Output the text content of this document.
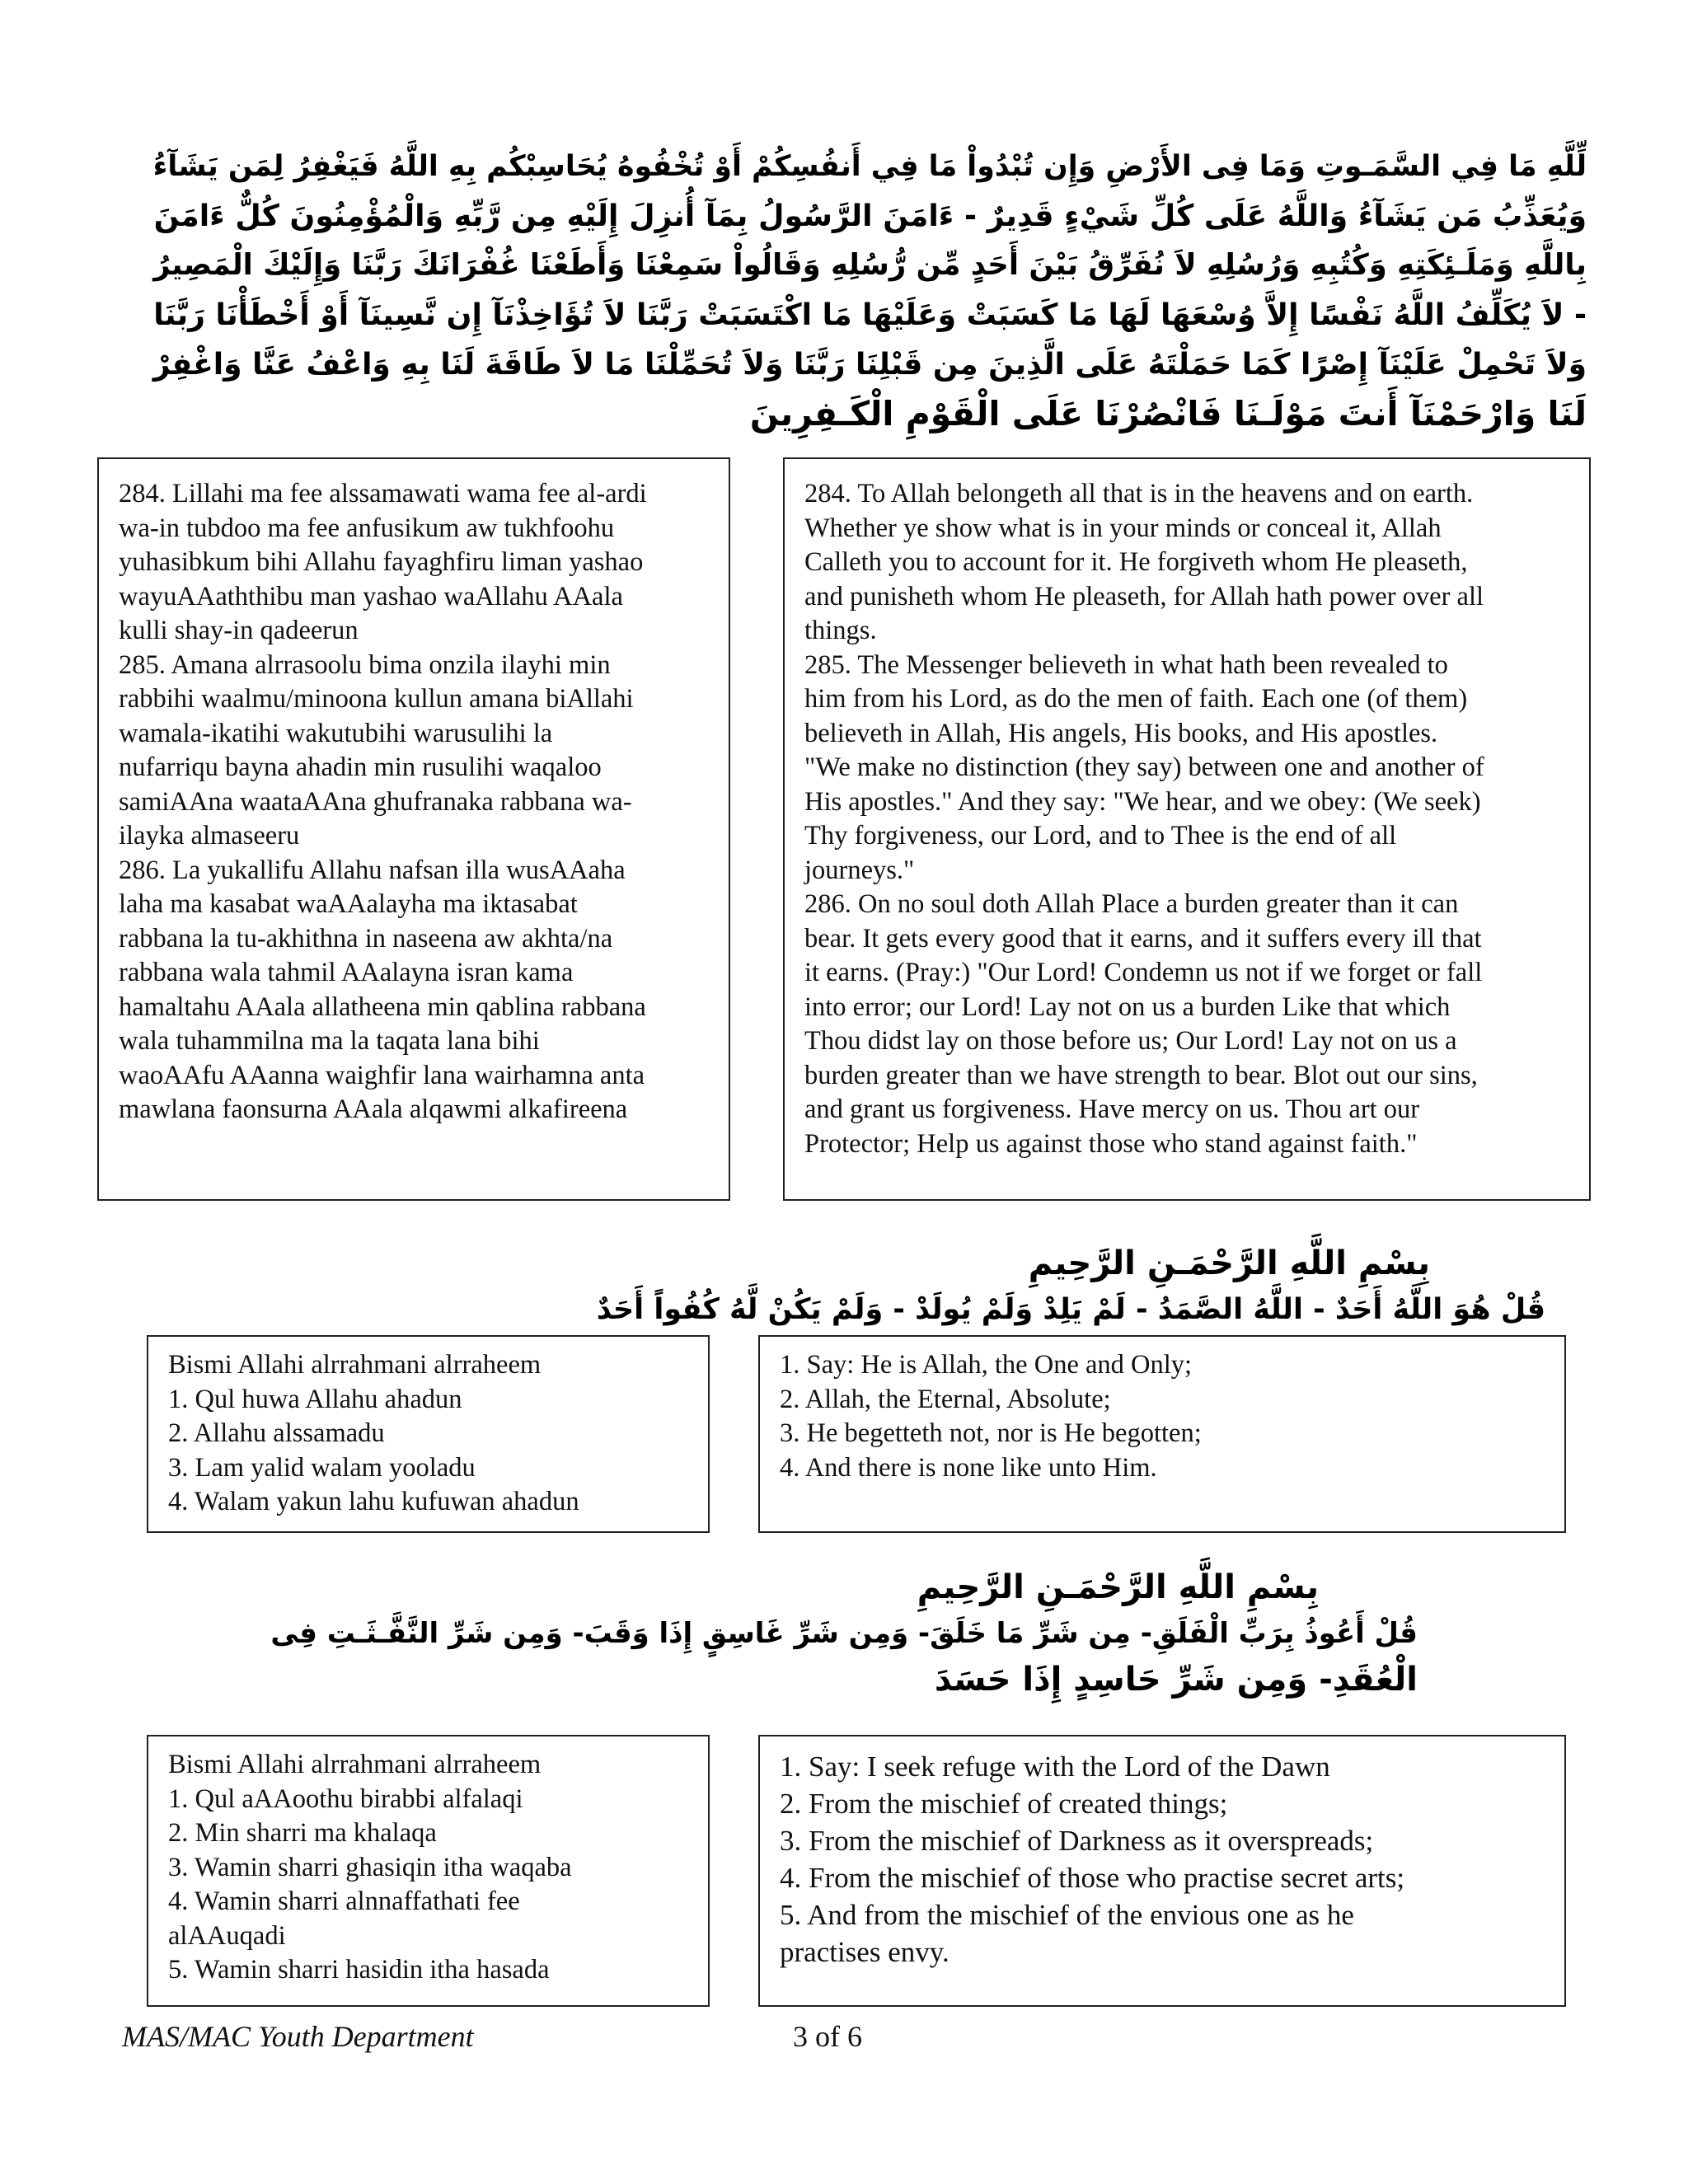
لِّلَّهِ مَا فِي السَّمَـوتِ وَمَا فِى الأَرْضِ وَإِن تُبْدُواْ مَا فِي أَنفُسِكُمْ أَوْ تُخْفُوهُ يُحَاسِبْكُم بِهِ اللَّهُ فَيَغْفِرُ لِمَن يَشَآءُ

وَيُعَذِّبُ مَن يَشَآءُ وَاللَّهُ عَلَى كُلِّ شَيْءٍ قَدِيرٌ - ءَامَنَ الرَّسُولُ بِمَآ أُنزِلَ إِلَيْهِ مِن رَّبِّهِ وَالْمُؤْمِنُونَ كُلٌّ ءَامَنَ

بِاللَّهِ وَمَلَـئِكَتِهِ وَكُتُبِهِ وَرُسُلِهِ لاَ نُفَرِّقُ بَيْنَ أَحَدٍ مِّن رُّسُلِهِ وَقَالُواْ سَمِعْنَا وَأَطَعْنَا غُفْرَانَكَ رَبَّنَا وَإِلَيْكَ الْمَصِيرُ

- لاَ يُكَلِّفُ اللَّهُ نَفْسًا إِلاَّ وُسْعَهَا لَهَا مَا كَسَبَتْ وَعَلَيْهَا مَا اكْتَسَبَتْ رَبَّنَا لاَ تُؤَاخِذْنَآ إِن نَّسِينَآ أَوْ أَخْطَأْنَا رَبَّنَا

وَلاَ تَحْمِلْ عَلَيْنَآ إِصْرًا كَمَا حَمَلْتَهُ عَلَى الَّذِينَ مِن قَبْلِنَا رَبَّنَا وَلاَ تُحَمِّلْنَا مَا لاَ طَاقَةَ لَنَا بِهِ وَاعْفُ عَنَّا وَاغْفِرْ

لَنَا وَارْحَمْنَآ أَنتَ مَوْلَـنَا فَانْصُرْنَا عَلَى الْقَوْمِ الْكَـفِرِينَ

284. Lillahi ma fee alssamawati wama fee al-ardi
wa-in tubdoo ma fee anfusikum aw tukhfoohu
yuhasibkum bihi Allahu fayaghfiru liman yashao
wayuAAaththibu man yashao waAllahu AAala
kulli shay-in qadeerun
285. Amana alrrasoolu bima onzila ilayhi min
rabbihi waalmu/minoona kullun amana biAllahi
wamala-ikatihi wakutubihi warusulihi la
nufarriqu bayna ahadin min rusulihi waqaloo
samiAAna waataAAna ghufranaka rabbana wa-
ilayka almaseeru
286. La yukallifu Allahu nafsan illa wusAAaha
laha ma kasabat waAAalayha ma iktasabat
rabbana la tu-akhithna in naseena aw akhta/na
rabbana wala tahmil AAalayna isran kama
hamaltahu AAala allatheena min qablina rabbana
wala tuhammilna ma la taqata lana bihi
waoAAfu AAanna waighfir lana wairhamna anta
mawlana faonsurna AAala alqawmi alkafireena

284. To Allah belongeth all that is in the heavens and on earth.
Whether ye show what is in your minds or conceal it, Allah
Calleth you to account for it. He forgiveth whom He pleaseth,
and punisheth whom He pleaseth, for Allah hath power over all
things.
285. The Messenger believeth in what hath been revealed to
him from his Lord, as do the men of faith. Each one (of them)
believeth in Allah, His angels, His books, and His apostles.
"We make no distinction (they say) between one and another of
His apostles." And they say: "We hear, and we obey: (We seek)
Thy forgiveness, our Lord, and to Thee is the end of all
journeys."
286. On no soul doth Allah Place a burden greater than it can
bear. It gets every good that it earns, and it suffers every ill that
it earns. (Pray:) "Our Lord! Condemn us not if we forget or fall
into error; our Lord! Lay not on us a burden Like that which
Thou didst lay on those before us; Our Lord! Lay not on us a
burden greater than we have strength to bear. Blot out our sins,
and grant us forgiveness. Have mercy on us. Thou art our
Protector; Help us against those who stand against faith."

بِسْمِ اللَّهِ الرَّحْمَـنِ الرَّحِيمِ

قُلْ هُوَ اللَّهُ أَحَدٌ - اللَّهُ الصَّمَدُ - لَمْ يَلِدْ وَلَمْ يُولَدْ - وَلَمْ يَكُنْ لَّهُ كُفُواً أَحَدٌ

Bismi Allahi alrrahmani alrraheem
1. Qul huwa Allahu ahadun
2. Allahu alssamadu
3. Lam yalid walam yooladu
4. Walam yakun lahu kufuwan ahadun

1. Say: He is Allah, the One and Only;
2. Allah, the Eternal, Absolute;
3. He begetteth not, nor is He begotten;
4. And there is none like unto Him.

بِسْمِ اللَّهِ الرَّحْمَـنِ الرَّحِيمِ

قُلْ أَعُوذُ بِرَبِّ الْفَلَقِ- مِن شَرِّ مَا خَلَقَ- وَمِن شَرِّ غَاسِقٍ إِذَا وَقَبَ- وَمِن شَرِّ النَّفَّـثَـتِ فِى

الْعُقَدِ- وَمِن شَرِّ حَاسِدٍ إِذَا حَسَدَ

Bismi Allahi alrrahmani alrraheem
1. Qul aAAoothu birabbi alfalaqi
2. Min sharri ma khalaqa
3. Wamin sharri ghasiqin itha waqaba
4. Wamin sharri alnnaffathati fee
alAAuqadi
5. Wamin sharri hasidin itha hasada

1. Say: I seek refuge with the Lord of the Dawn
2. From the mischief of created things;
3. From the mischief of Darkness as it overspreads;
4. From the mischief of those who practise secret arts;
5. And from the mischief of the envious one as he
practises envy.

MAS/MAC Youth Department	3 of 6
